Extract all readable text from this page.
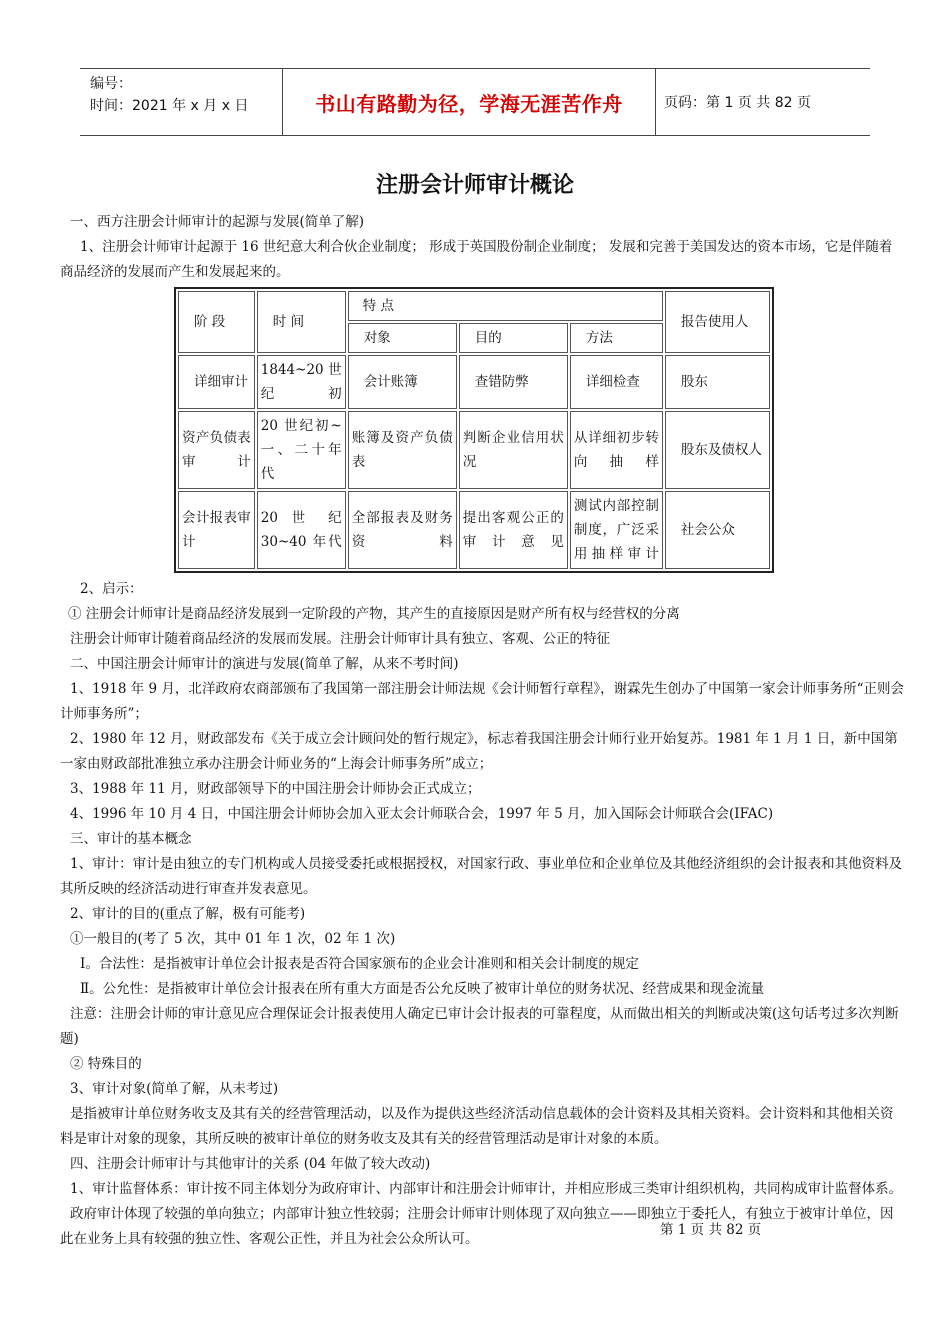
编号：
时间：2021 年 x 月 x 日	书山有路勤为径，学海无涯苦作舟	页码：第 1 页 共 82 页
注册会计师审计概论

一、西方注册会计师审计的起源与发展(简单了解)

1、注册会计师审计起源于 16 世纪意大利合伙企业制度； 形成于英国股份制企业制度； 发展和完善于美国发达的资本市场，它是伴随着商品经济的发展而产生和发展起来的。

阶 段	时 间	特 点			报告使用人
		对象	目的	方法	
详细审计	1844~20 世纪初	会计账簿	查错防弊	详细检查	股东
资产负债表审计	20 世纪初~一、二十年代	账簿及资产负债表	判断企业信用状况	从详细初步转向抽样	股东及债权人
会计报表审计	20 世 纪 30~40 年代	全部报表及财务资料	提出客观公正的审计意见	测试内部控制制度，广泛采用抽样审计	社会公众

2、启示：

① 注册会计师审计是商品经济发展到一定阶段的产物，其产生的直接原因是财产所有权与经营权的分离

注册会计师审计随着商品经济的发展而发展。注册会计师审计具有独立、客观、公正的特征

二、中国注册会计师审计的演进与发展(简单了解，从来不考时间)

1、1918 年 9 月，北洋政府农商部颁布了我国第一部注册会计师法规《会计师暂行章程》，谢霖先生创办了中国第一家会计师事务所“正则会计师事务所”；

2、1980 年 12 月，财政部发布《关于成立会计顾问处的暂行规定》，标志着我国注册会计师行业开始复苏。1981 年 1 月 1 日，新中国第一家由财政部批准独立承办注册会计师业务的“上海会计师事务所”成立；

3、1988 年 11 月，财政部领导下的中国注册会计师协会正式成立；

4、1996 年 10 月 4 日，中国注册会计师协会加入亚太会计师联合会，1997 年 5 月，加入国际会计师联合会(IFAC)

三、审计的基本概念

1、审计：审计是由独立的专门机构或人员接受委托或根据授权，对国家行政、事业单位和企业单位及其他经济组织的会计报表和其他资料及其所反映的经济活动进行审查并发表意见。

2、审计的目的(重点了解，极有可能考)

①一般目的(考了 5 次，其中 01 年 1 次，02 年 1 次)

Ⅰ。合法性：是指被审计单位会计报表是否符合国家颁布的企业会计准则和相关会计制度的规定

Ⅱ。公允性：是指被审计单位会计报表在所有重大方面是否公允反映了被审计单位的财务状况、经营成果和现金流量

注意：注册会计师的审计意见应合理保证会计报表使用人确定已审计会计报表的可靠程度，从而做出相关的判断或决策(这句话考过多次判断题)

② 特殊目的

3、审计对象(简单了解，从未考过)

是指被审计单位财务收支及其有关的经营管理活动，以及作为提供这些经济活动信息载体的会计资料及其相关资料。会计资料和其他相关资料是审计对象的现象，其所反映的被审计单位的财务收支及其有关的经营管理活动是审计对象的本质。

四、注册会计师审计与其他审计的关系 (04 年做了较大改动)

1、审计监督体系：审计按不同主体划分为政府审计、内部审计和注册会计师审计，并相应形成三类审计组织机构，共同构成审计监督体系。

政府审计体现了较强的单向独立；内部审计独立性较弱；注册会计师审计则体现了双向独立——即独立于委托人，有独立于被审计单位，因此在业务上具有较强的独立性、客观公正性，并且为社会公众所认可。

第 1 页 共 82 页
